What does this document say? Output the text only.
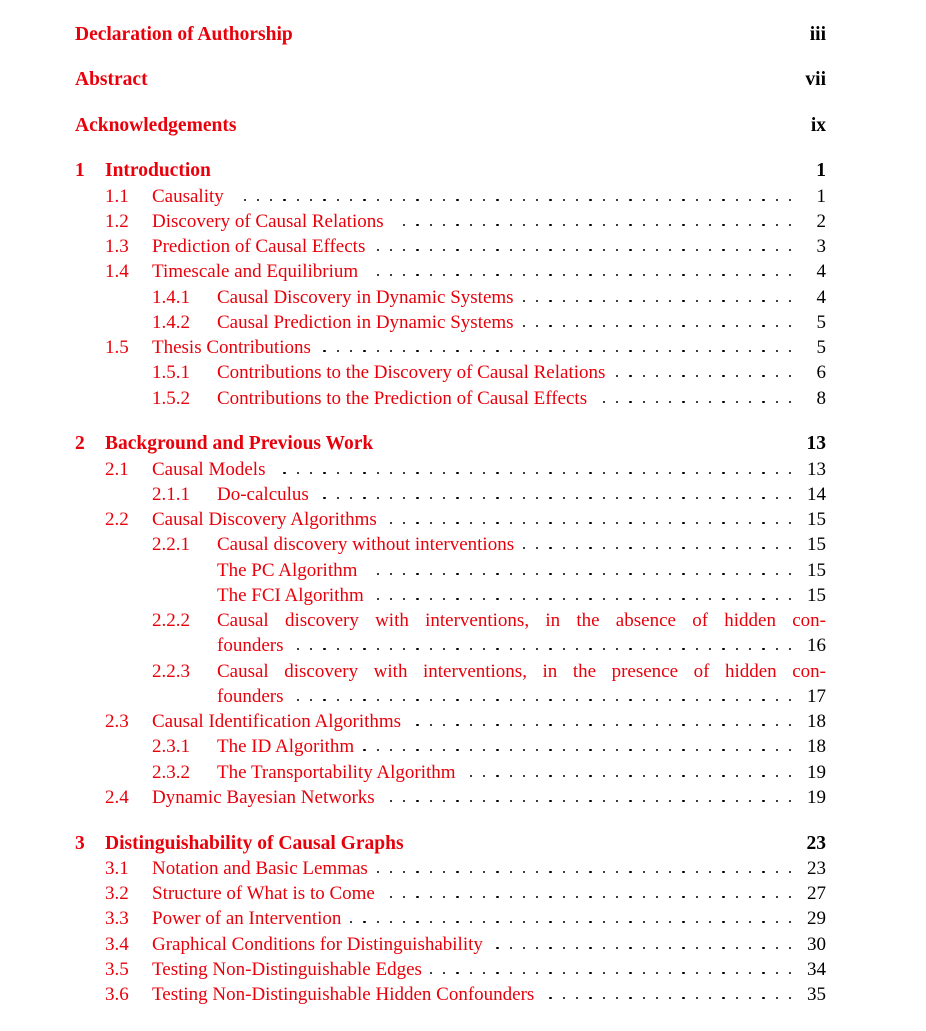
Declaration of Authorship	iii
Abstract	vii
Acknowledgements	ix
1 Introduction	1
1.1 Causality	1
1.2 Discovery of Causal Relations	2
1.3 Prediction of Causal Effects	3
1.4 Timescale and Equilibrium	4
1.4.1 Causal Discovery in Dynamic Systems	4
1.4.2 Causal Prediction in Dynamic Systems	5
1.5 Thesis Contributions	5
1.5.1 Contributions to the Discovery of Causal Relations	6
1.5.2 Contributions to the Prediction of Causal Effects	8
2 Background and Previous Work	13
2.1 Causal Models	13
2.1.1 Do-calculus	14
2.2 Causal Discovery Algorithms	15
2.2.1 Causal discovery without interventions	15
The PC Algorithm	15
The FCI Algorithm	15
2.2.2 Causal discovery with interventions, in the absence of hidden con-
founders	16
2.2.3 Causal discovery with interventions, in the presence of hidden con-
founders	17
2.3 Causal Identification Algorithms	18
2.3.1 The ID Algorithm	18
2.3.2 The Transportability Algorithm	19
2.4 Dynamic Bayesian Networks	19
3 Distinguishability of Causal Graphs	23
3.1 Notation and Basic Lemmas	23
3.2 Structure of What is to Come	27
3.3 Power of an Intervention	29
3.4 Graphical Conditions for Distinguishability	30
3.5 Testing Non-Distinguishable Edges	34
3.6 Testing Non-Distinguishable Hidden Confounders	35
